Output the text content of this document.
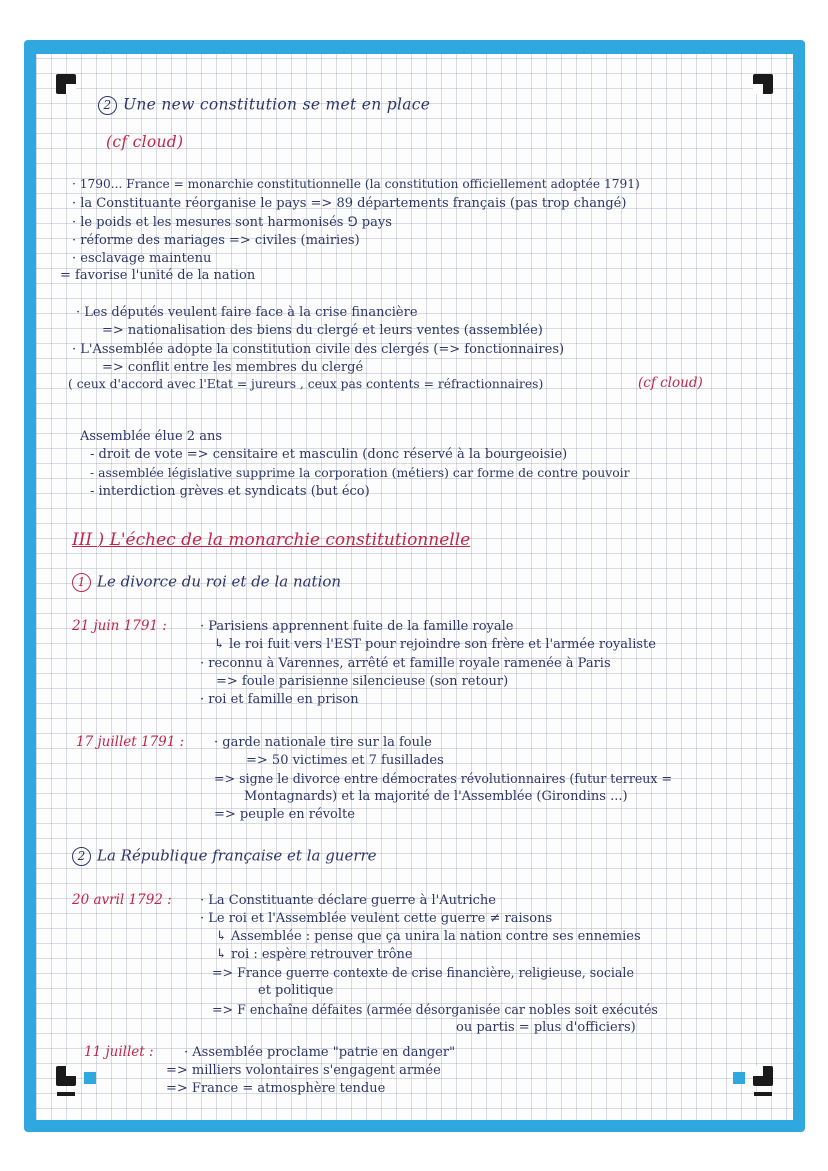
2 Une new constitution se met en place
(cf cloud)
· 1790... France = monarchie constitutionnelle (la constitution officiellement adoptée 1791)
· la Constituante réorganise le pays => 89 départements français (pas trop changé)
· le poids et les mesures sont harmonisés ⅁ pays
· réforme des mariages => civiles (mairies)
· esclavage maintenu
= favorise l'unité de la nation
· Les députés veulent faire face à la crise financière
=> nationalisation des biens du clergé et leurs ventes (assemblée)
· L'Assemblée adopte la constitution civile des clergés (=> fonctionnaires)
=> conflit entre les membres du clergé
( ceux d'accord avec l'Etat = jureurs , ceux pas contents = réfractionnaires)	(cf cloud)
Assemblée élue 2 ans
- droit de vote => censitaire et masculin (donc réservé à la bourgeoisie)
- assemblée législative supprime la corporation (métiers) car forme de contre pouvoir
- interdiction grèves et syndicats (but éco)
III ) L'échec de la monarchie constitutionnelle
1 Le divorce du roi et de la nation
21 juin 1791 :	· Parisiens apprennent fuite de la famille royale
↳ le roi fuit vers l'EST pour rejoindre son frère et l'armée royaliste
· reconnu à Varennes, arrêté et famille royale ramenée à Paris
=> foule parisienne silencieuse (son retour)
· roi et famille en prison
17 juillet 1791 : · garde nationale tire sur la foule
=> 50 victimes et 7 fusillades
=> signe le divorce entre démocrates révolutionnaires (futur terreux =
Montagnards) et la majorité de l'Assemblée (Girondins ...)
=> peuple en révolte
2 La République française et la guerre
20 avril 1792 : · La Constituante déclare guerre à l'Autriche
· Le roi et l'Assemblée veulent cette guerre ≠ raisons
↳ Assemblée : pense que ça unira la nation contre ses ennemies
↳ roi : espère retrouver trône
=> France guerre contexte de crise financière, religieuse, sociale
et politique
=> F enchaîne défaites (armée désorganisée car nobles soit exécutés
ou partis = plus d'officiers)
11 juillet : · Assemblée proclame "patrie en danger"
=> milliers volontaires s'engagent armée
=> France = atmosphère tendue
